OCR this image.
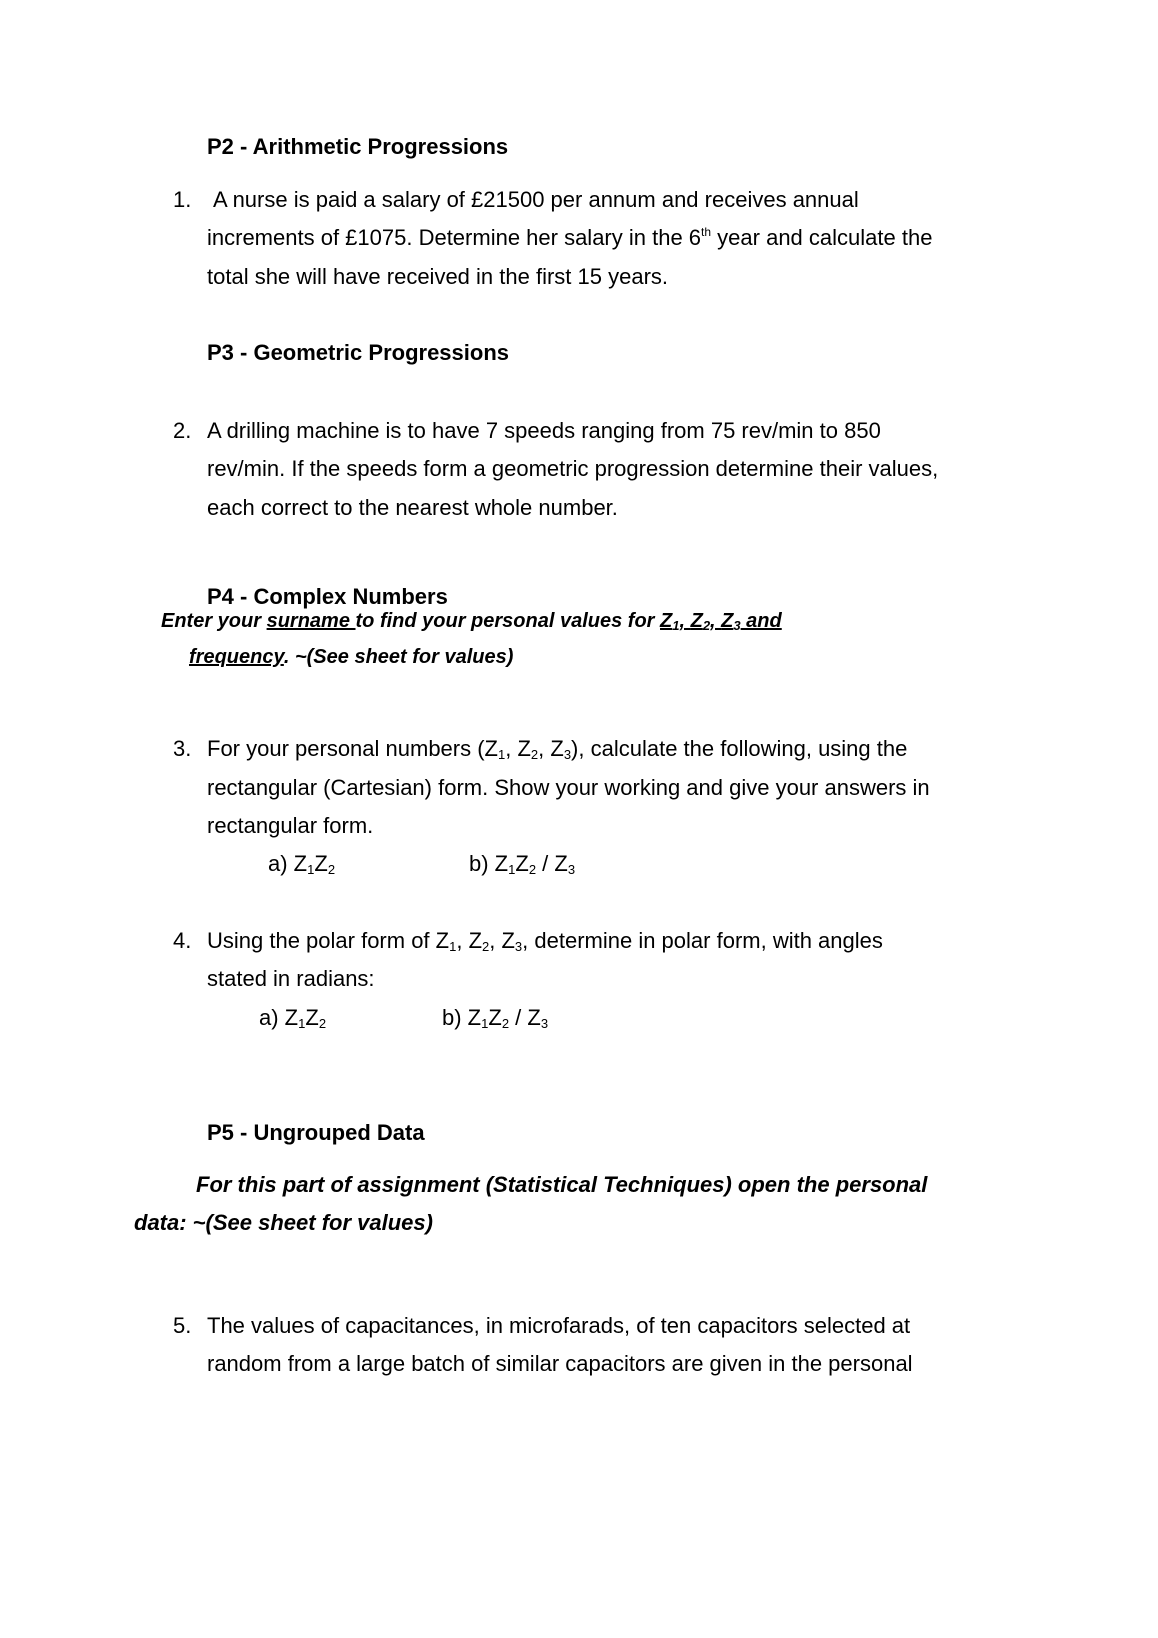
P2 - Arithmetic Progressions
1. A nurse is paid a salary of £21500 per annum and receives annual
increments of £1075. Determine her salary in the 6th year and calculate the
total she will have received in the first 15 years.
P3 - Geometric Progressions
2. A drilling machine is to have 7 speeds ranging from 75 rev/min to 850
rev/min. If the speeds form a geometric progression determine their values,
each correct to the nearest whole number.
P4 - Complex Numbers
Enter your surname to find your personal values for $Z_1$, $Z_2$, $Z_3$ and
frequency. ~(See sheet for values)
3. For your personal numbers ($Z_1$, $Z_2$, $Z_3$), calculate the following, using the
rectangular (Cartesian) form. Show your working and give your answers in
rectangular form.
a) $Z_1Z_2$	b) $Z_1Z_2 / Z_3$
4. Using the polar form of $Z_1$, $Z_2$, $Z_3$, determine in polar form, with angles
stated in radians:
a) $Z_1Z_2$	b) $Z_1Z_2 / Z_3$
P5 - Ungrouped Data
For this part of assignment (Statistical Techniques) open the personal
data: ~(See sheet for values)
5. The values of capacitances, in microfarads, of ten capacitors selected at
random from a large batch of similar capacitors are given in the personal
